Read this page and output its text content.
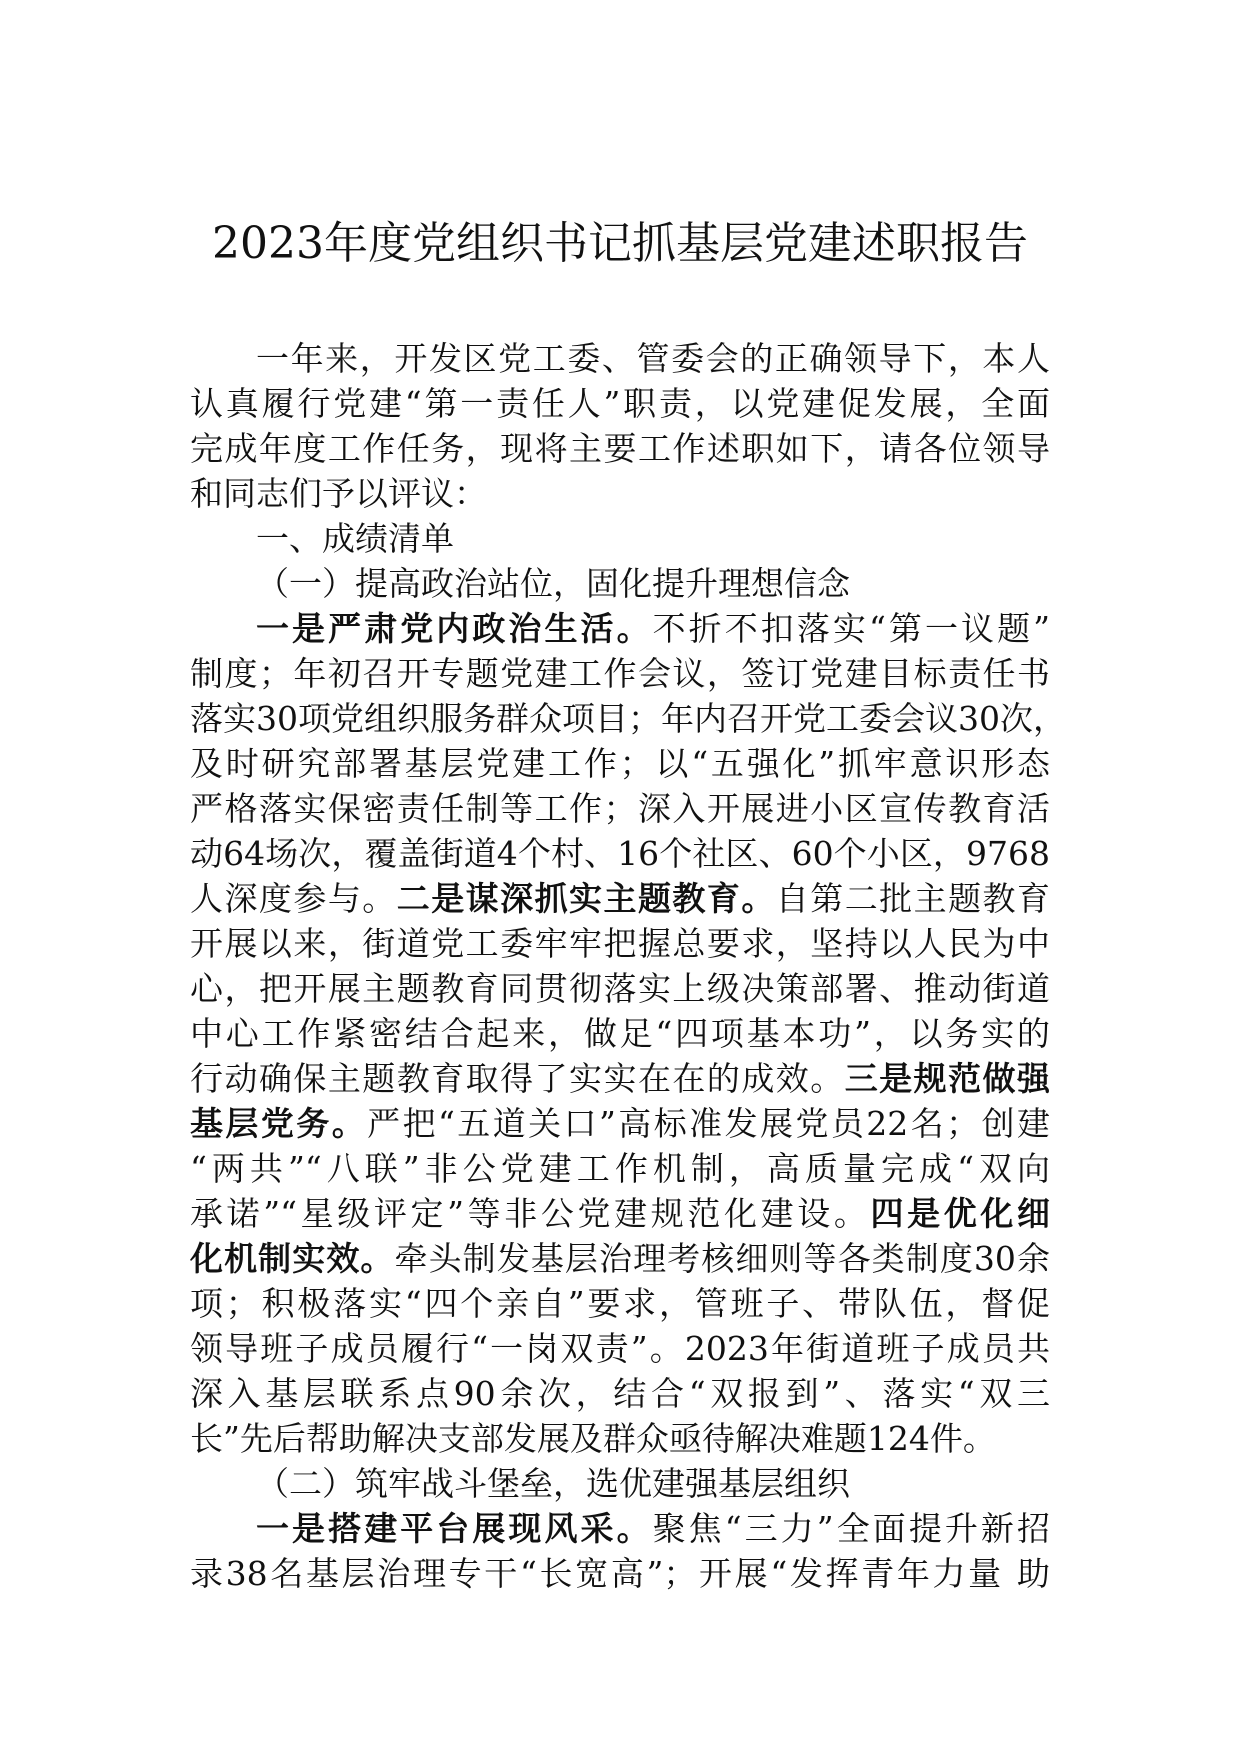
2023年度党组织书记抓基层党建述职报告
一年来，开发区党工委、管委会的正确领导下，本人
认真履行党建“第一责任人”职责，以党建促发展，全面
完成年度工作任务，现将主要工作述职如下，请各位领导
和同志们予以评议：
一、成绩清单
（一）提高政治站位，固化提升理想信念
一是严肃党内政治生活。不折不扣落实“第一议题”
制度；年初召开专题党建工作会议，签订党建目标责任书
落实30项党组织服务群众项目；年内召开党工委会议30次，
及时研究部署基层党建工作；以“五强化”抓牢意识形态
严格落实保密责任制等工作；深入开展进小区宣传教育活
动64场次，覆盖街道4个村、16个社区、60个小区，9768
人深度参与。二是谋深抓实主题教育。自第二批主题教育
开展以来，街道党工委牢牢把握总要求，坚持以人民为中
心，把开展主题教育同贯彻落实上级决策部署、推动街道
中心工作紧密结合起来，做足“四项基本功”，以务实的
行动确保主题教育取得了实实在在的成效。三是规范做强
基层党务。严把“五道关口”高标准发展党员22名；创建
“两共”“八联”非公党建工作机制，高质量完成“双向
承诺”“星级评定”等非公党建规范化建设。四是优化细
化机制实效。牵头制发基层治理考核细则等各类制度30余
项；积极落实“四个亲自”要求，管班子、带队伍，督促
领导班子成员履行“一岗双责”。2023年街道班子成员共
深入基层联系点90余次，结合“双报到”、落实“双三
长”先后帮助解决支部发展及群众亟待解决难题124件。
（二）筑牢战斗堡垒，选优建强基层组织
一是搭建平台展现风采。聚焦“三力”全面提升新招
录38名基层治理专干“长宽高”；开展“发挥青年力量 助
